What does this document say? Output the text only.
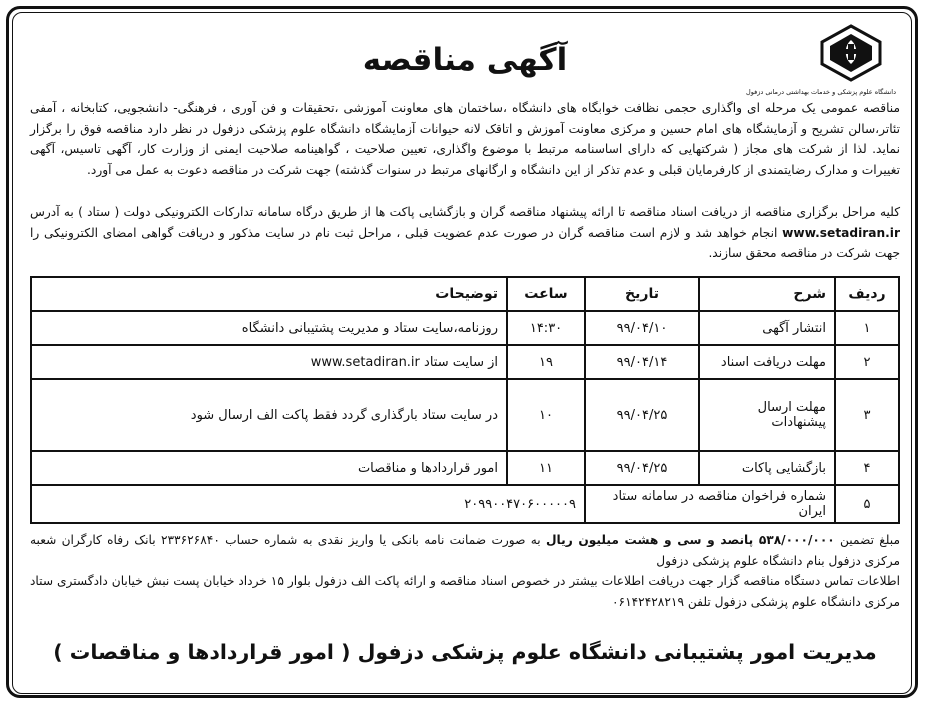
دانشگاه علوم پزشکی و خدمات بهداشتی درمانی دزفول
آگهی مناقصه
مناقصه عمومی یک مرحله ای واگذاری حجمی نظافت خوابگاه های دانشگاه ،ساختمان های معاونت آموزشی ،تحقیقات و فن آوری ، فرهنگی- دانشجویی، کتابخانه ، آمفی تئاتر،سالن تشریح و آزمایشگاه های امام حسین و مرکزی معاونت آموزش و اتاقک لانه حیوانات آزمایشگاه دانشگاه علوم پزشکی دزفول در نظر دارد مناقصه فوق را برگزار نماید. لذا از شرکت های مجاز ( شرکتهایی که دارای اساسنامه مرتبط با موضوع واگذاری، تعیین صلاحیت ، گواهینامه صلاحیت ایمنی از وزارت کار، آگهی تاسیس، آگهی تغییرات و مدارک رضایتمندی از کارفرمایان قبلی و عدم تذکر از این دانشگاه و ارگانهای مرتبط در سنوات گذشته) جهت شرکت در مناقصه دعوت به عمل می آورد.
کلیه مراحل برگزاری مناقصه از دریافت اسناد مناقصه تا ارائه پیشنهاد مناقصه گران و بازگشایی پاکت ها از طریق درگاه سامانه تدارکات الکترونیکی دولت ( ستاد ) به آدرس www.setadiran.ir انجام خواهد شد و لازم است مناقصه گران در صورت عدم عضویت قبلی ، مراحل ثبت نام در سایت مذکور و دریافت گواهی امضای الکترونیکی را جهت شرکت در مناقصه محقق سازند.
ردیف	شرح	تاریخ	ساعت	توضیحات
۱	انتشار آگهی	۹۹/۰۴/۱۰	۱۴:۳۰	روزنامه،سایت ستاد و مدیریت پشتیبانی دانشگاه
۲	مهلت دریافت اسناد	۹۹/۰۴/۱۴	۱۹	از سایت ستاد www.setadiran.ir
۳	مهلت ارسال پیشنهادات	۹۹/۰۴/۲۵	۱۰	در سایت ستاد بارگذاری گردد فقط پاکت الف ارسال شود
۴	بازگشایی پاکات	۹۹/۰۴/۲۵	۱۱	امور قراردادها و مناقصات
۵	شماره فراخوان مناقصه در سامانه ستاد ایران		۲۰۹۹۰۰۴۷۰۶۰۰۰۰۰۹	
مبلغ تضمین ۵۳۸/۰۰۰/۰۰۰ پانصد و سی و هشت میلیون ریال به صورت ضمانت نامه بانکی یا واریز نقدی به شماره حساب ۲۳۳۶۲۶۸۴۰ بانک رفاه کارگران شعبه مرکزی دزفول بنام دانشگاه علوم پزشکی دزفول
اطلاعات تماس دستگاه مناقصه گزار جهت دریافت اطلاعات بیشتر در خصوص اسناد مناقصه و ارائه پاکت الف دزفول بلوار ۱۵ خرداد خیابان پست نبش خیابان دادگستری ستاد مرکزی دانشگاه علوم پزشکی دزفول تلفن ۰۶۱۴۲۴۲۸۲۱۹
مدیریت امور پشتیبانی دانشگاه علوم پزشکی دزفول ( امور قراردادها و مناقصات )
